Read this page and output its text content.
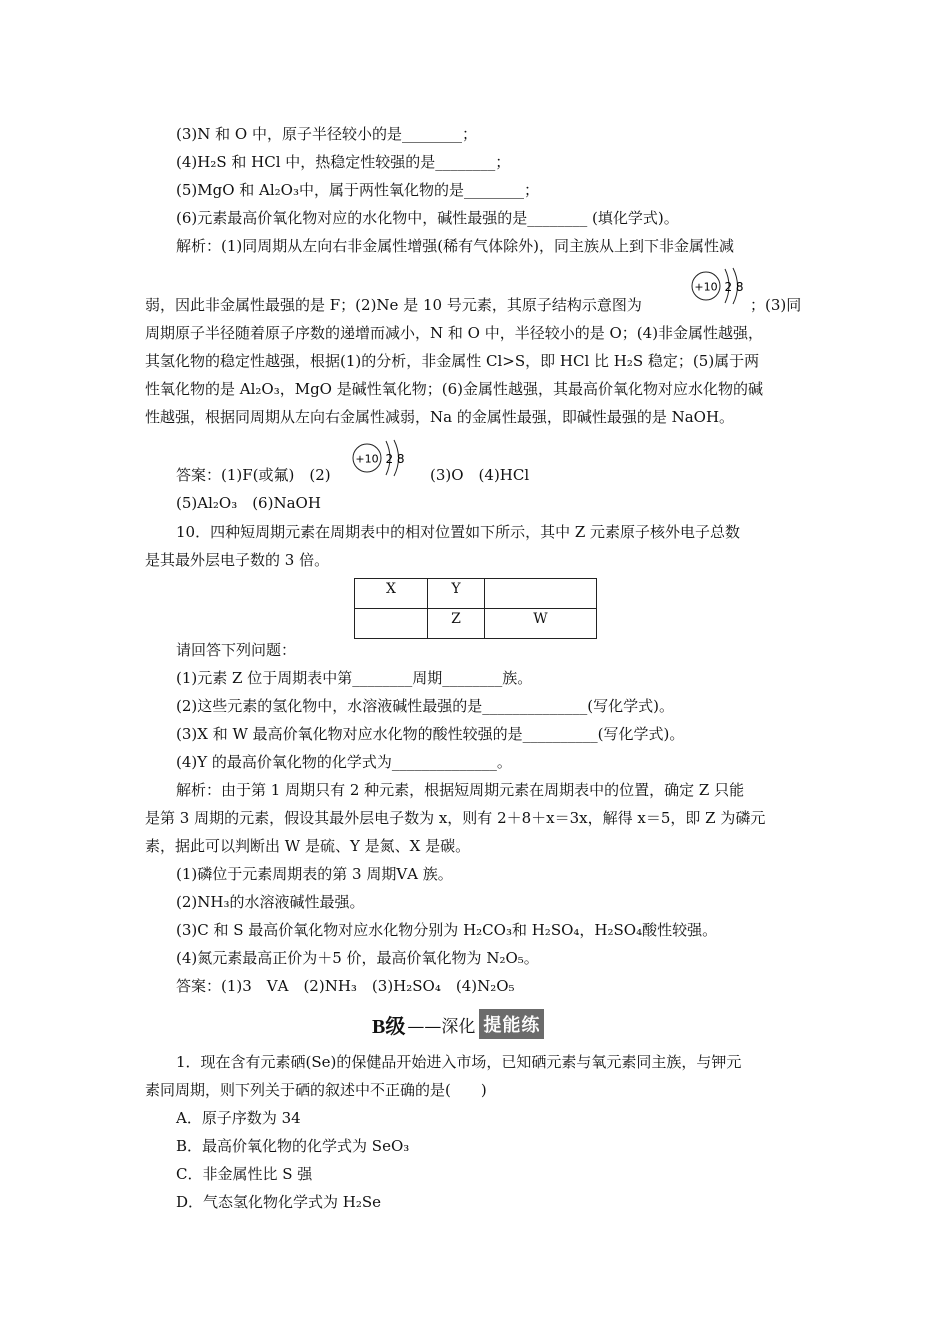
(3)N 和 O 中，原子半径较小的是________；
(4)H₂S 和 HCl 中，热稳定性较强的是________；
(5)MgO 和 Al₂O₃中，属于两性氧化物的是________；
(6)元素最高价氧化物对应的水化物中，碱性最强的是________ (填化学式)。
解析：(1)同周期从左向右非金属性增强(稀有气体除外)，同主族从上到下非金属性减
弱，因此非金属性最强的是 F；(2)Ne 是 10 号元素，其原子结构示意图为
+10 2 8
；(3)同
周期原子半径随着原子序数的递增而减小，N 和 O 中，半径较小的是 O；(4)非金属性越强，
其氢化物的稳定性越强，根据(1)的分析，非金属性 Cl>S，即 HCl 比 H₂S 稳定；(5)属于两
性氧化物的是 Al₂O₃，MgO 是碱性氧化物；(6)金属性越强，其最高价氧化物对应水化物的碱
性越强，根据同周期从左向右金属性减弱，Na 的金属性最强，即碱性最强的是 NaOH。
答案：(1)F(或氟)　(2)
+10 2 8
(3)O　(4)HCl
(5)Al₂O₃　(6)NaOH
10．四种短周期元素在周期表中的相对位置如下所示，其中 Z 元素原子核外电子总数
是其最外层电子数的 3 倍。
X	Y	
	Z	W
请回答下列问题：
(1)元素 Z 位于周期表中第________周期________族。
(2)这些元素的氢化物中，水溶液碱性最强的是______________(写化学式)。
(3)X 和 W 最高价氧化物对应水化物的酸性较强的是__________(写化学式)。
(4)Y 的最高价氧化物的化学式为______________。
解析：由于第 1 周期只有 2 种元素，根据短周期元素在周期表中的位置，确定 Z 只能
是第 3 周期的元素，假设其最外层电子数为 x，则有 2＋8＋x＝3x，解得 x＝5，即 Z 为磷元
素，据此可以判断出 W 是硫、Y 是氮、X 是碳。
(1)磷位于元素周期表的第 3 周期ⅤA 族。
(2)NH₃的水溶液碱性最强。
(3)C 和 S 最高价氧化物对应水化物分别为 H₂CO₃和 H₂SO₄，H₂SO₄酸性较强。
(4)氮元素最高正价为＋5 价，最高价氧化物为 N₂O₅。
答案：(1)3　ⅤA　(2)NH₃　(3)H₂SO₄　(4)N₂O₅
B级 ——深化 提能练
1．现在含有元素硒(Se)的保健品开始进入市场，已知硒元素与氧元素同主族，与钾元
素同周期，则下列关于硒的叙述中不正确的是(　　)
A．原子序数为 34
B．最高价氧化物的化学式为 SeO₃
C．非金属性比 S 强
D．气态氢化物化学式为 H₂Se
